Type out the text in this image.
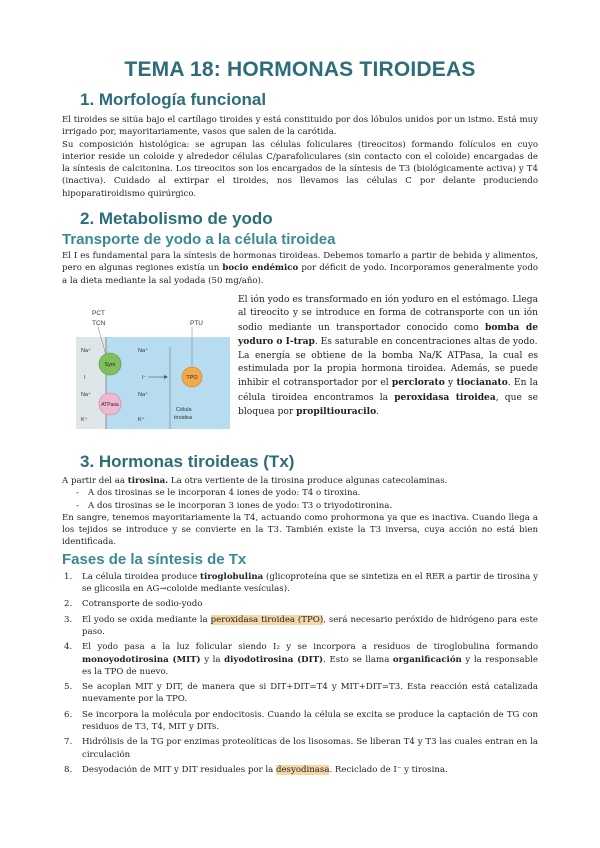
TEMA 18: HORMONAS TIROIDEAS
1. Morfología funcional

El tiroides se sitúa bajo el cartílago tiroides y está constituido por dos lóbulos unidos por un istmo. Está muy irrigado por, mayoritariamente, vasos que salen de la carótida.

Su composición histológica: se agrupan las células foliculares (tireocitos) formando folículos en cuyo interior reside un coloide y alrededor células C/parafoliculares (sin contacto con el coloide) encargadas de la síntesis de calcitonina. Los tireocitos son los encargados de la síntesis de T3 (biológicamente activa) y T4 (inactiva). Cuidado al extirpar el tiroides, nos llevamos las células C por delante produciendo hipoparatiroidismo quirúrgico.

2. Metabolismo de yodo
Transporte de yodo a la célula tiroidea

El I es fundamental para la síntesis de hormonas tiroideas. Debemos tomarlo a partir de bebida y alimentos, pero en algunas regiones existía un bocio endémico por déficit de yodo. Incorporamos generalmente yodo a la dieta mediante la sal yodada (50 mg/año).

PCT
TCN	PTU
Na⁺	Na⁺
Sym
I	I⁻	TPO
Na⁺	Na⁺
ATPasa
K⁺	K⁺
Célula
tiroidea

El ión yodo es transformado en ión yoduro en el estómago. Llega al tireocito y se introduce en forma de cotransporte con un ión sodio mediante un transportador conocido como bomba de yoduro o I-trap. Es saturable en concentraciones altas de yodo.

La energía se obtiene de la bomba Na/K ATPasa, la cual es estimulada por la propia hormona tiroidea. Además, se puede inhibir el cotransportador por el perclorato y tiocianato. En la célula tiroidea encontramos la peroxidasa tiroidea, que se bloquea por propiltiouracilo.

3. Hormonas tiroideas (Tx)

A partir del aa tirosina. La otra vertiente de la tirosina produce algunas catecolaminas.

- A dos tirosinas se le incorporan 4 iones de yodo: T4 o tiroxina.
- A dos tirosinas se le incorporan 3 iones de yodo: T3 o triyodotironina.

En sangre, tenemos mayoritariamente la T4, actuando como prohormona ya que es inactiva. Cuando llega a los tejidos se introduce y se convierte en la T3. También existe la T3 inversa, cuya acción no está bien identificada.

Fases de la síntesis de Tx
1. La célula tiroidea produce tiroglobulina (glicoproteína que se sintetiza en el RER a partir de tirosina y se glicosila en AG→coloide mediante vesículas).
2. Cotransporte de sodio-yodo
3. El yodo se oxida mediante la peroxidasa tiroidea (TPO), será necesario peróxido de hidrógeno para este paso.
4. El yodo pasa a la luz folicular siendo I₂ y se incorpora a residuos de tiroglobulina formando monoyodotirosina (MIT) y la diyodotirosina (DIT). Esto se llama organificación y la responsable es la TPO de nuevo.
5. Se acoplan MIT y DIT, de manera que si DIT+DIT=T4 y MIT+DIT=T3. Esta reacción está catalizada nuevamente por la TPO.
6. Se incorpora la molécula por endocitosis. Cuando la célula se excita se produce la captación de TG con residuos de T3, T4, MIT y DITs.
7. Hidrólisis de la TG por enzimas proteolíticas de los lisosomas. Se liberan T4 y T3 las cuales entran en la circulación
8. Desyodación de MIT y DIT residuales por la desyodinasa. Reciclado de I⁻ y tirosina.
